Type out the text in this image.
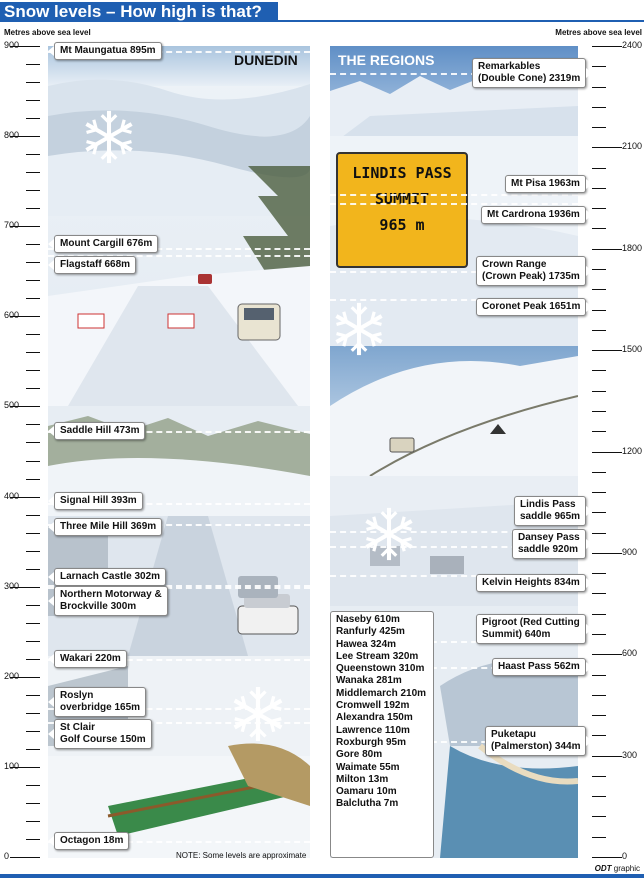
Snow levels – How high is that?
Metres above sea level	Metres above sea level
900
800
700
600
500
400
300
200
100
0
2400
2100
1800
1500
1200
900
600
300
0
DUNEDIN	THE REGIONS
LINDIS PASS
SUMMIT
965 m
Mt Maungatua 895m
Mount Cargill 676m
Flagstaff 668m
Saddle Hill 473m
Signal Hill 393m
Three Mile Hill 369m
Larnach Castle 302m
Northern Motorway &
Brockville 300m
Wakari 220m
Roslyn
overbridge 165m
St Clair
Golf Course 150m
Octagon 18m
Remarkables
(Double Cone) 2319m
Mt Pisa 1963m
Mt Cardrona 1936m
Crown Range
(Crown Peak) 1735m
Coronet Peak 1651m
Lindis Pass
saddle 965m
Dansey Pass
saddle 920m
Kelvin Heights 834m
Pigroot (Red Cutting
Summit) 640m
Haast Pass 562m
Puketapu
(Palmerston) 344m
Naseby 610m
Ranfurly 425m
Hawea 324m
Lee Stream 320m
Queenstown 310m
Wanaka 281m
Middlemarch 210m
Cromwell 192m
Alexandra 150m
Lawrence 110m
Roxburgh 95m
Gore 80m
Waimate 55m
Milton 13m
Oamaru 10m
Balclutha 7m
NOTE: Some levels are approximate
ODT graphic
